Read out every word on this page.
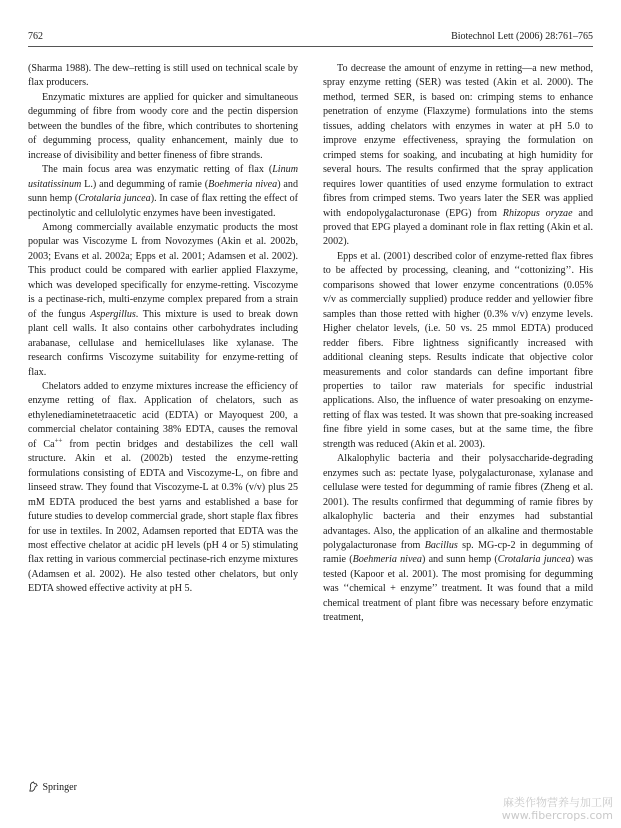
762	Biotechnol Lett (2006) 28:761–765

(Sharma 1988). The dew–retting is still used on technical scale by flax producers.

Enzymatic mixtures are applied for quicker and simultaneous degumming of fibre from woody core and the pectin dispersion between the bundles of the fibre, which contributes to shortening of degumming process, quality enhancement, mainly due to increase of divisibility and better fineness of fibre strands.

The main focus area was enzymatic retting of flax (Linum usitatissinum L.) and degumming of ramie (Boehmeria nivea) and sunn hemp (Crotalaria juncea). In case of flax retting the effect of pectinolytic and cellulolytic enzymes have been investigated.

Among commercially available enzymatic products the most popular was Viscozyme L from Novozymes (Akin et al. 2002b, 2003; Evans et al. 2002a; Epps et al. 2001; Adamsen et al. 2002). This product could be compared with earlier applied Flaxzyme, which was developed specifically for enzyme-retting. Viscozyme is a pectinase-rich, multi-enzyme complex prepared from a strain of the fungus Aspergillus. This mixture is used to break down plant cell walls. It also contains other carbohydrates including arabanase, cellulase and hemicellulases like xylanase. The research confirms Viscozyme suitability for enzyme-retting of flax.

Chelators added to enzyme mixtures increase the efficiency of enzyme retting of flax. Application of chelators, such as ethylenediaminetetraacetic acid (EDTA) or Mayoquest 200, a commercial chelator containing 38% EDTA, causes the removal of Ca++ from pectin bridges and destabilizes the cell wall structure. Akin et al. (2002b) tested the enzyme-retting formulations consisting of EDTA and Viscozyme-L, on fibre and linseed straw. They found that Viscozyme-L at 0.3% (v/v) plus 25 mM EDTA produced the best yarns and established a base for future studies to develop commercial grade, short staple flax fibres for use in textiles. In 2002, Adamsen reported that EDTA was the most effective chelator at acidic pH levels (pH 4 or 5) stimulating flax retting in various commercial pectinase-rich enzyme mixtures (Adamsen et al. 2002). He also tested other chelators, but only EDTA showed effective activity at pH 5.

To decrease the amount of enzyme in retting—a new method, spray enzyme retting (SER) was tested (Akin et al. 2000). The method, termed SER, is based on: crimping stems to enhance penetration of enzyme (Flaxzyme) formulations into the stems tissues, adding chelators with enzymes in water at pH 5.0 to improve enzyme effectiveness, spraying the formulation on crimped stems for soaking, and incubating at high humidity for several hours. The results confirmed that the spray application requires lower quantities of used enzyme formulation to extract fibres from crimped stems. Two years later the SER was applied with endopolygalacturonase (EPG) from Rhizopus oryzae and proved that EPG played a dominant role in flax retting (Akin et al. 2002).

Epps et al. (2001) described color of enzyme-retted flax fibres to be affected by processing, cleaning, and ‘‘cottonizing’’. His comparisons showed that lower enzyme concentrations (0.05% v/v as commercially supplied) produce redder and yellowier fibre samples than those retted with higher (0.3% v/v) enzyme levels. Higher chelator levels, (i.e. 50 vs. 25 mmol EDTA) produced redder fibers. Fibre lightness significantly increased with additional cleaning steps. Results indicate that objective color measurements and color standards can define important fibre properties to tailor raw materials for specific industrial applications. Also, the influence of water presoaking on enzyme-retting of flax was tested. It was shown that pre-soaking increased fine fibre yield in some cases, but at the same time, the fibre strength was reduced (Akin et al. 2003).

Alkalophylic bacteria and their polysaccharide-degrading enzymes such as: pectate lyase, polygalacturonase, xylanase and cellulase were tested for degumming of ramie fibres (Zheng et al. 2001). The results confirmed that degumming of ramie fibres by alkalophylic bacteria and their enzymes had substantial advantages. Also, the application of an alkaline and thermostable polygalacturonase from Bacillus sp. MG-cp-2 in degumming of ramie (Boehmeria nivea) and sunn hemp (Crotalaria juncea) was tested (Kapoor et al. 2001). The most promising for degumming was ‘‘chemical + enzyme’’ treatment. It was found that a mild chemical treatment of plant fibre was necessary before enzymatic treatment,

Springer
麻类作物营养与加工网
www.fibercrops.com
